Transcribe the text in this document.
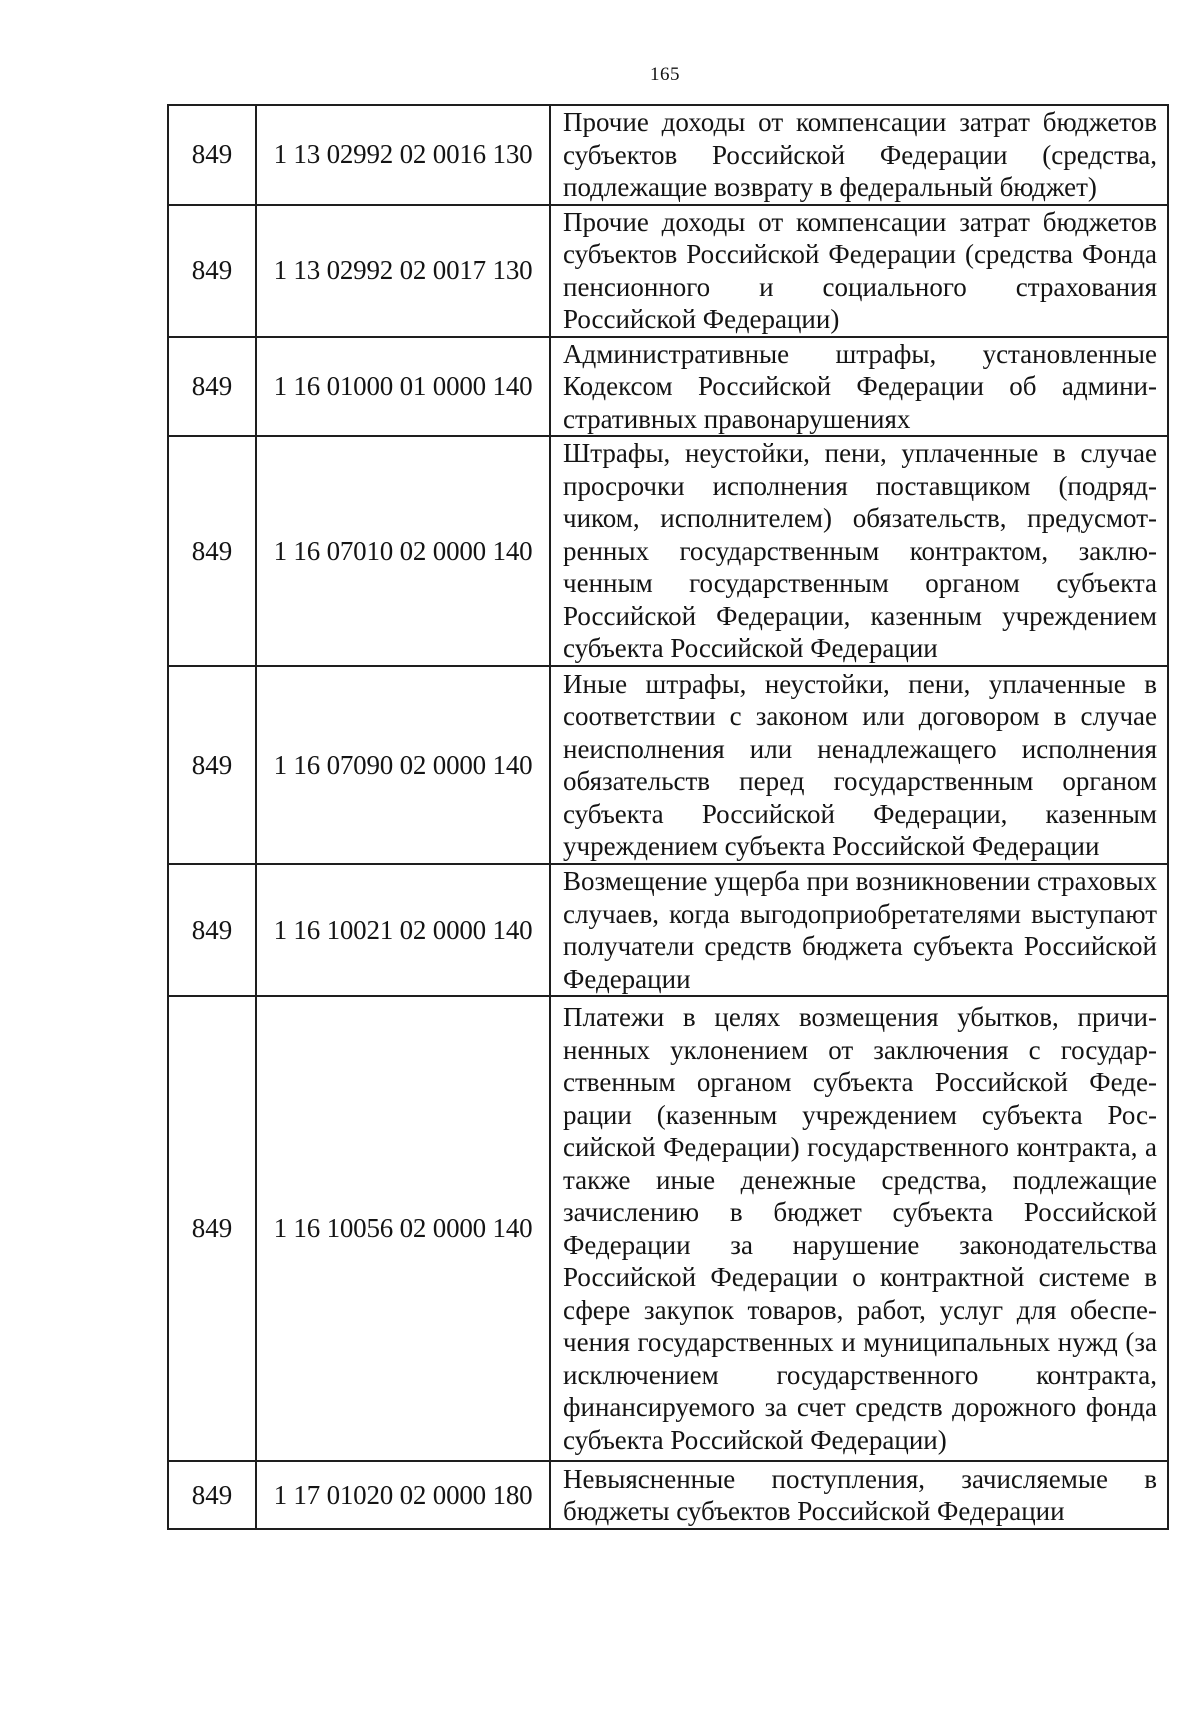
165
849	1 13 02992 02 0016 130	Прочие доходы от компенсации затрат бюджетов субъектов Российской Федерации (средства, подлежащие возврату в федеральный бюджет)
849	1 13 02992 02 0017 130	Прочие доходы от компенсации затрат бюджетов субъектов Российской Федерации (средства Фонда пенсионного и социального страхования Российской Федерации)
849	1 16 01000 01 0000 140	Административные штрафы, установленные Кодексом Российской Федерации об административных правонарушениях
849	1 16 07010 02 0000 140	Штрафы, неустойки, пени, уплаченные в случае просрочки исполнения поставщиком (подрядчиком, исполнителем) обязательств, предусмотренных государственным контрактом, заключенным государственным органом субъекта Российской Федерации, казенным учреждением субъекта Российской Федерации
849	1 16 07090 02 0000 140	Иные штрафы, неустойки, пени, уплаченные в соответствии с законом или договором в случае неисполнения или ненадлежащего исполнения обязательств перед государственным органом субъекта Российской Федерации, казенным учреждением субъекта Российской Федерации
849	1 16 10021 02 0000 140	Возмещение ущерба при возникновении страховых случаев, когда выгодоприобретателями выступают получатели средств бюджета субъекта Российской Федерации
849	1 16 10056 02 0000 140	Платежи в целях возмещения убытков, причиненных уклонением от заключения с государственным органом субъекта Российской Федерации (казенным учреждением субъекта Российской Федерации) государственного контракта, а также иные денежные средства, подлежащие зачислению в бюджет субъекта Российской Федерации за нарушение законодательства Российской Федерации о контрактной системе в сфере закупок товаров, работ, услуг для обеспечения государственных и муниципальных нужд (за исключением государственного контракта, финансируемого за счет средств дорожного фонда субъекта Российской Федерации)
849	1 17 01020 02 0000 180	Невыясненные поступления, зачисляемые в бюджеты субъектов Российской Федерации
